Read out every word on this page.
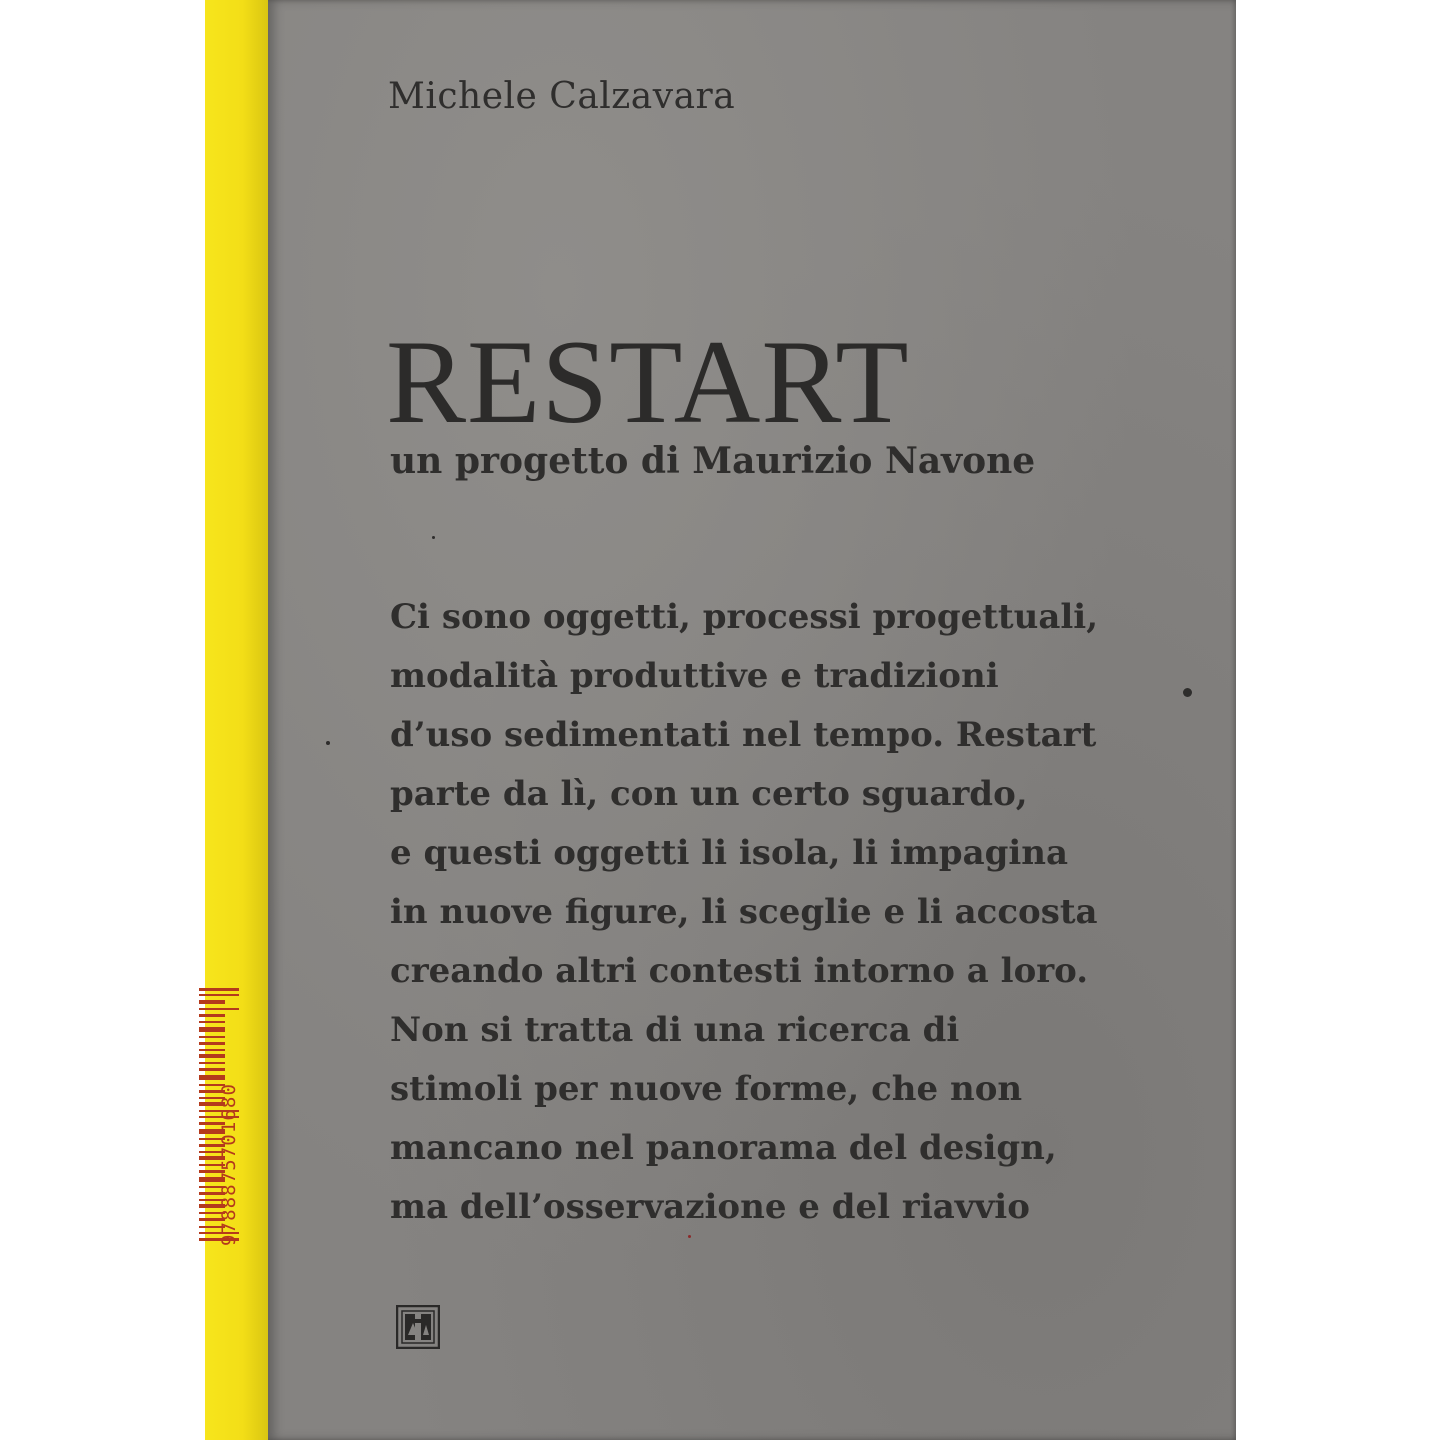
Michele Calzavara
RESTART
un progetto di Maurizio Navone
Ci sono oggetti, processi progettuali,
modalità produttive e tradizioni
d’uso sedimentati nel tempo. Restart
parte da lì, con un certo sguardo,
e questi oggetti li isola, li impagina
in nuove figure, li sceglie e li accosta
creando altri contesti intorno a loro.
Non si tratta di una ricerca di
stimoli per nuove forme, che non
mancano nel panorama del design,
ma dell’osservazione e del riavvio
9788875701680
